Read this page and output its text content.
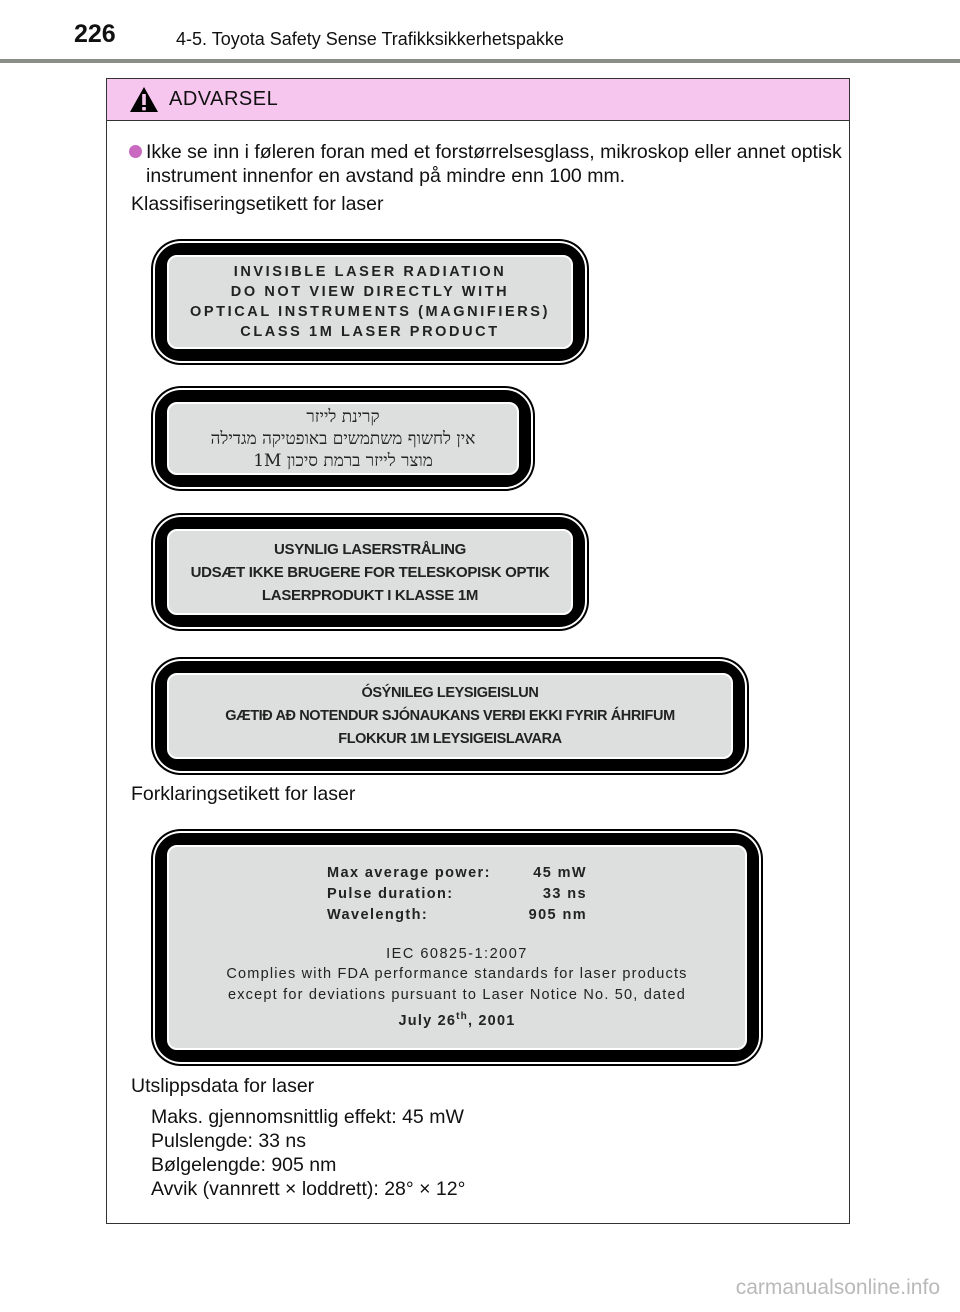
226	4-5. Toyota Safety Sense Trafikksikkerhetspakke
ADVARSEL
Ikke se inn i føleren foran med et forstørrelsesglass, mikroskop eller annet optisk instrument innenfor en avstand på mindre enn 100 mm.
Klassifiseringsetikett for laser
INVISIBLE LASER RADIATION
DO NOT VIEW DIRECTLY WITH
OPTICAL INSTRUMENTS (MAGNIFIERS)
CLASS 1M LASER PRODUCT
קרינת לייזר
אין לחשוף משתמשים באופטיקה מגדילה
מוצר לייזר ברמת סיכון 1M
USYNLIG LASERSTRÅLING
UDSÆT IKKE BRUGERE FOR TELESKOPISK OPTIK
LASERPRODUKT I KLASSE 1M
ÓSÝNILEG LEYSIGEISLUN
GÆTIÐ AÐ NOTENDUR SJÓNAUKANS VERÐI EKKI FYRIR ÁHRIFUM
FLOKKUR 1M LEYSIGEISLAVARA
Forklaringsetikett for laser
Max average power:	45 mW
Pulse duration:	33 ns
Wavelength:	905 nm
IEC 60825-1:2007
Complies with FDA performance standards for laser products
except for deviations pursuant to Laser Notice No. 50, dated
July 26th, 2001
Utslippsdata for laser
Maks. gjennomsnittlig effekt: 45 mW
Pulslengde: 33 ns
Bølgelengde: 905 nm
Avvik (vannrett × loddrett): 28° × 12°
carmanualsonline.info
